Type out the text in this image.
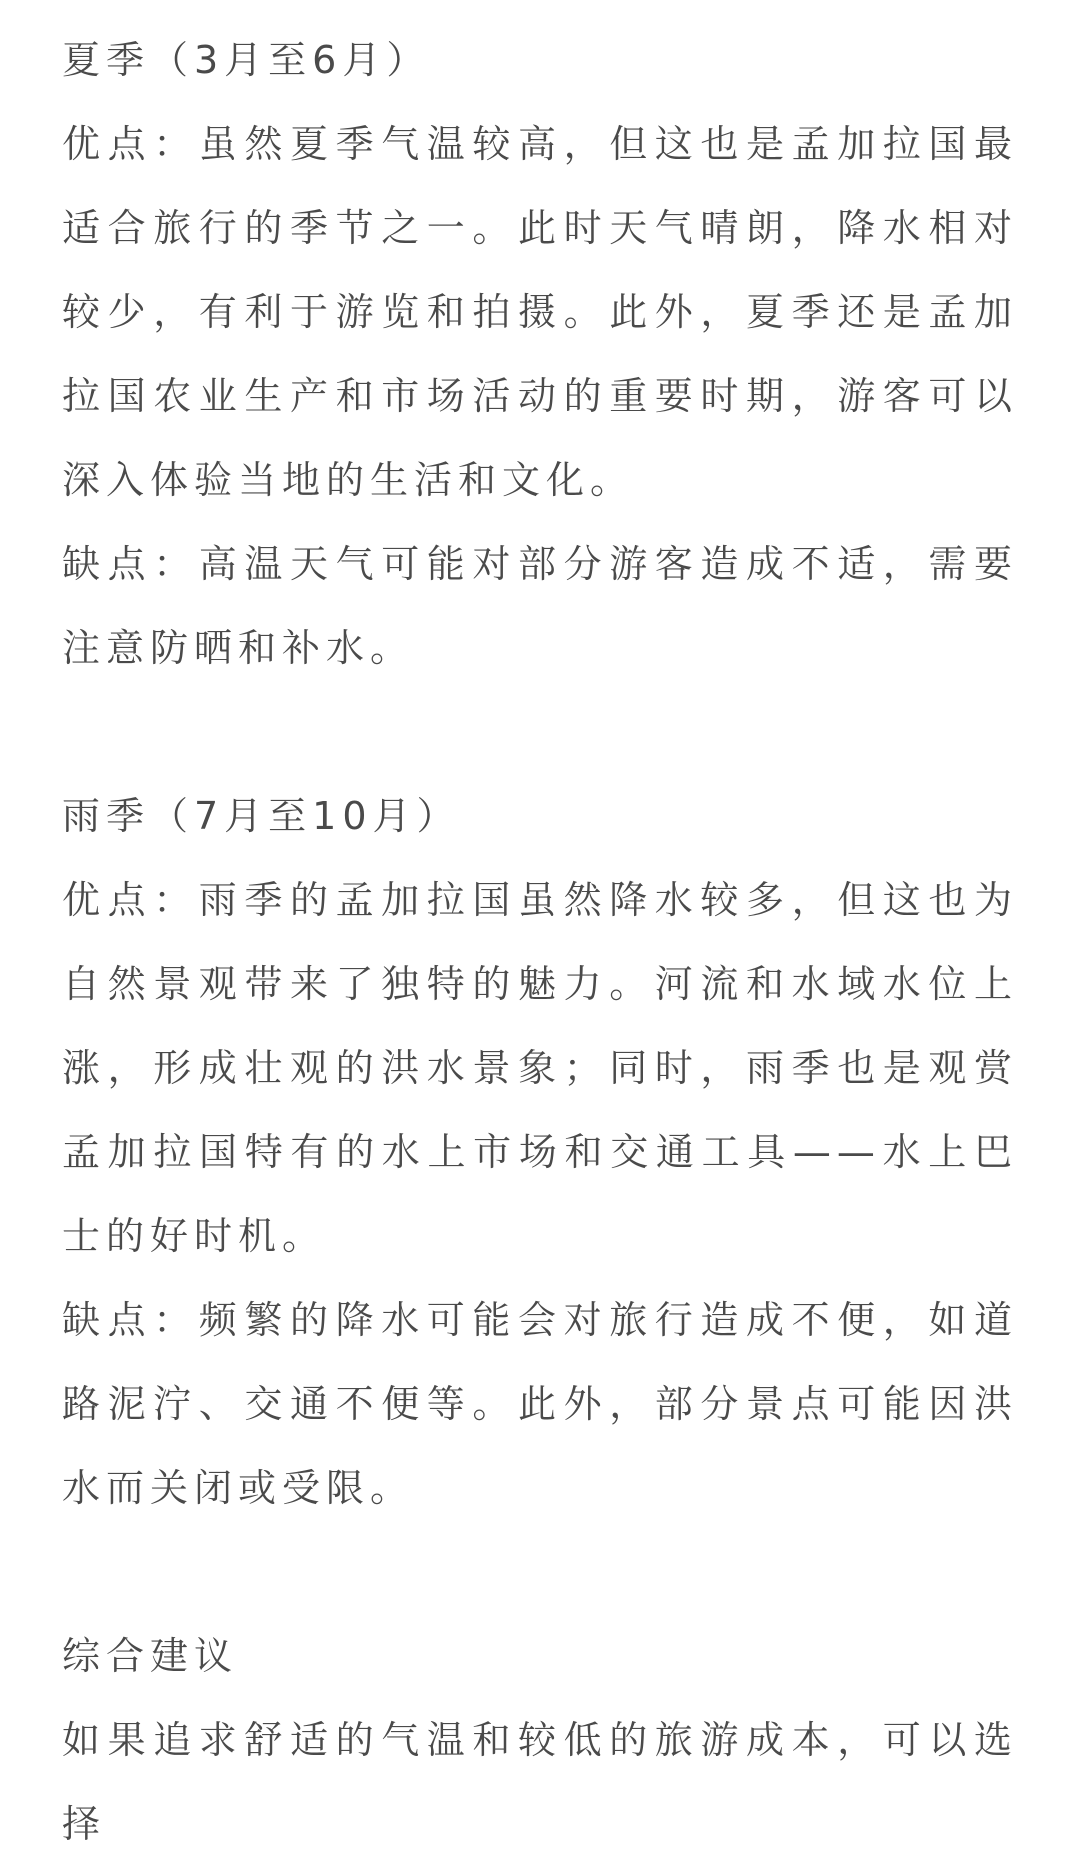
夏季（3月至6月）

优点：虽然夏季气温较高，但这也是孟加拉国最适合旅行的季节之一。此时天气晴朗，降水相对较少，有利于游览和拍摄。此外，夏季还是孟加拉国农业生产和市场活动的重要时期，游客可以深入体验当地的生活和文化。

缺点：高温天气可能对部分游客造成不适，需要注意防晒和补水。

雨季（7月至10月）

优点：雨季的孟加拉国虽然降水较多，但这也为自然景观带来了独特的魅力。河流和水域水位上涨，形成壮观的洪水景象；同时，雨季也是观赏孟加拉国特有的水上市场和交通工具——水上巴士的好时机。

缺点：频繁的降水可能会对旅行造成不便，如道路泥泞、交通不便等。此外，部分景点可能因洪水而关闭或受限。

综合建议

如果追求舒适的气温和较低的旅游成本，可以选择
